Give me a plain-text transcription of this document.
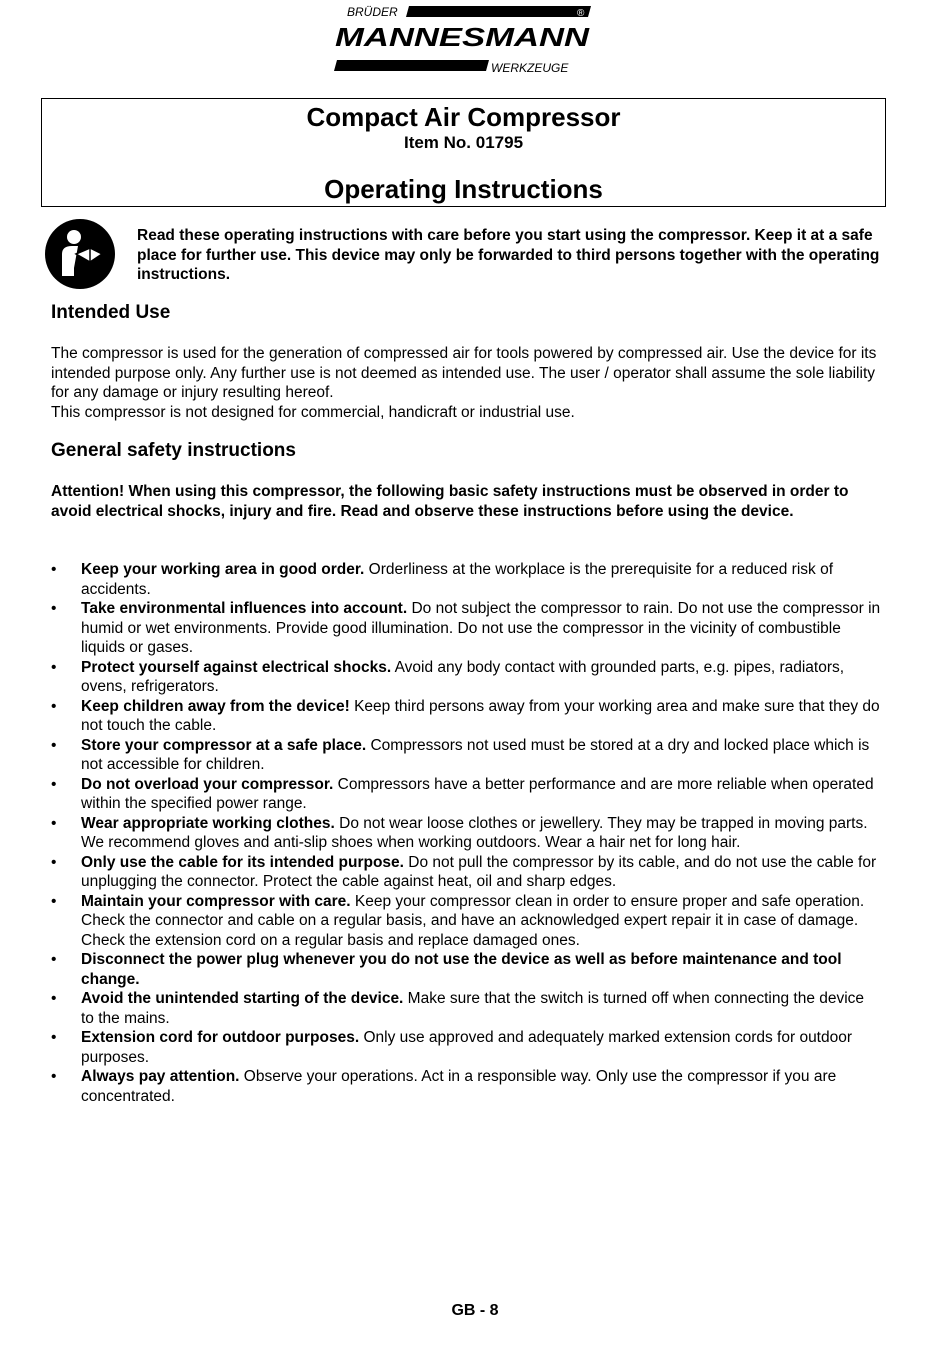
BRÜDER	®
MANNESMANN
WERKZEUGE
Compact Air Compressor
Item No. 01795
Operating Instructions
Read these operating instructions with care before you start using the compressor. Keep it at a safe place for further use. This device may only be forwarded to third persons together with the operating instructions.
Intended Use
The compressor is used for the generation of compressed air for tools powered by compressed air. Use the device for its intended purpose only. Any further use is not deemed as intended use. The user / operator shall assume the sole liability for any damage or injury resulting hereof.
This compressor is not designed for commercial, handicraft or industrial use.
General safety instructions
Attention! When using this compressor, the following basic safety instructions must be observed in order to avoid electrical shocks, injury and fire. Read and observe these instructions before using the device.
• Keep your working area in good order. Orderliness at the workplace is the prerequisite for a reduced risk of accidents.
• Take environmental influences into account. Do not subject the compressor to rain. Do not use the compressor in humid or wet environments. Provide good illumination. Do not use the compressor in the vicinity of combustible liquids or gases.
• Protect yourself against electrical shocks. Avoid any body contact with grounded parts, e.g. pipes, radiators, ovens, refrigerators.
• Keep children away from the device! Keep third persons away from your working area and make sure that they do not touch the cable.
• Store your compressor at a safe place. Compressors not used must be stored at a dry and locked place which is not accessible for children.
• Do not overload your compressor. Compressors have a better performance and are more reliable when operated within the specified power range.
• Wear appropriate working clothes. Do not wear loose clothes or jewellery. They may be trapped in moving parts. We recommend gloves and anti-slip shoes when working outdoors. Wear a hair net for long hair.
• Only use the cable for its intended purpose. Do not pull the compressor by its cable, and do not use the cable for unplugging the connector. Protect the cable against heat, oil and sharp edges.
• Maintain your compressor with care. Keep your compressor clean in order to ensure proper and safe operation. Check the connector and cable on a regular basis, and have an acknowledged expert repair it in case of damage. Check the extension cord on a regular basis and replace damaged ones.
• Disconnect the power plug whenever you do not use the device as well as before maintenance and tool change.
• Avoid the unintended starting of the device. Make sure that the switch is turned off when connecting the device to the mains.
• Extension cord for outdoor purposes. Only use approved and adequately marked extension cords for outdoor purposes.
• Always pay attention. Observe your operations. Act in a responsible way. Only use the compressor if you are concentrated.
GB - 8
